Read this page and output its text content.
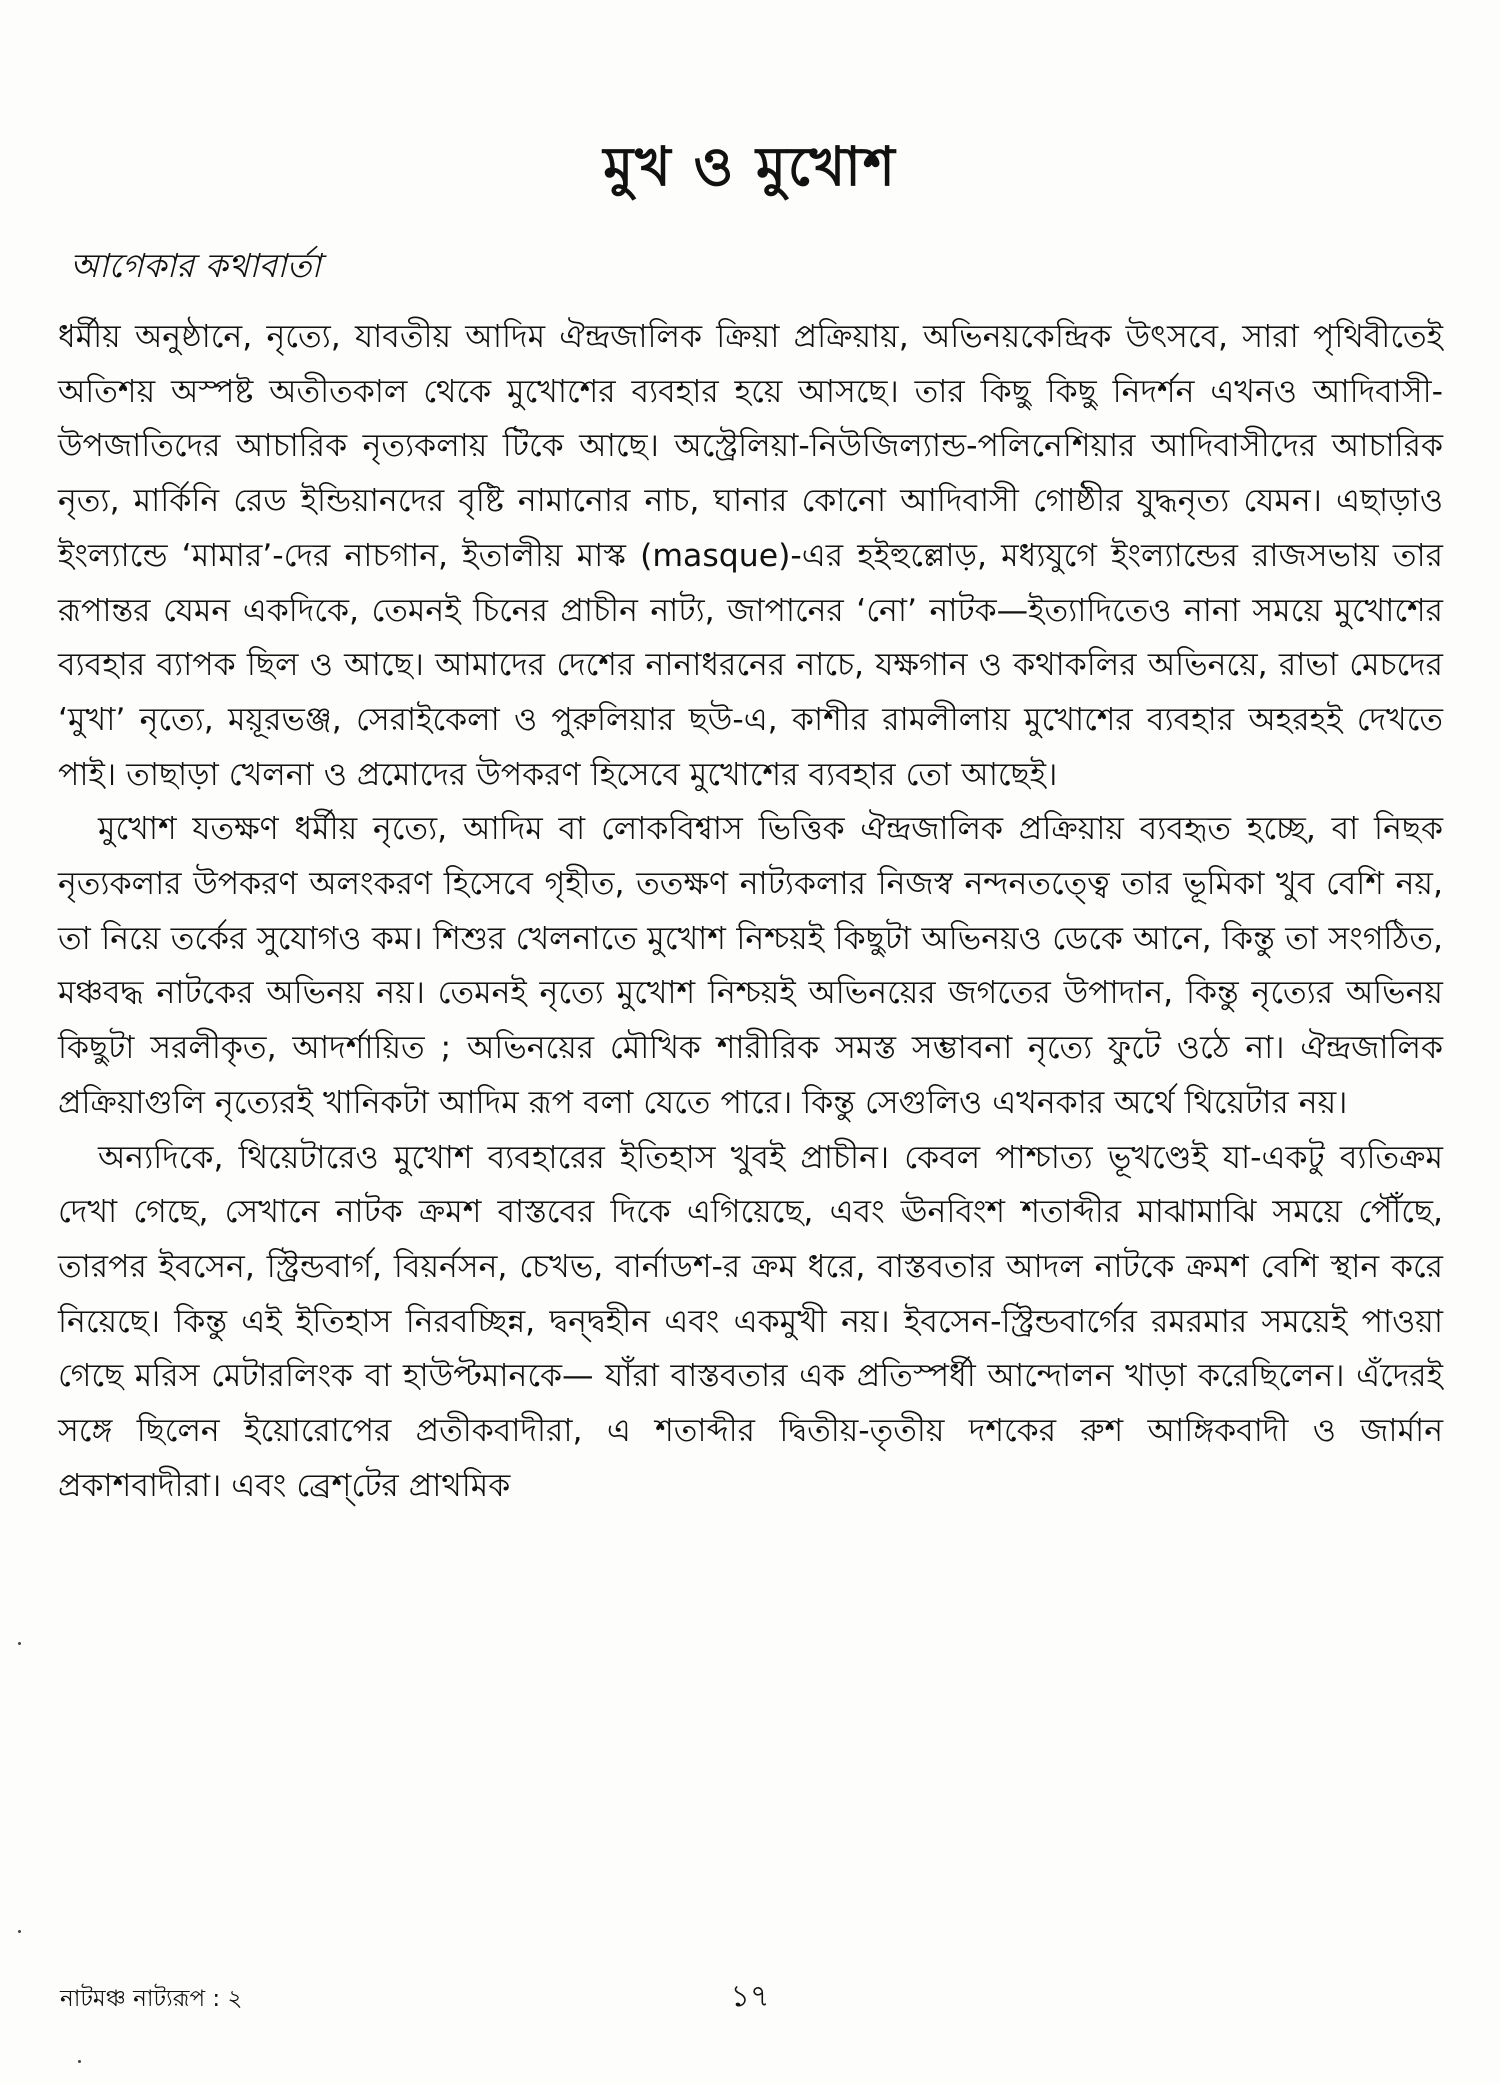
মুখ ও মুখোশ
আগেকার কথাবার্তা

ধর্মীয় অনুষ্ঠানে, নৃত্যে, যাবতীয় আদিম ঐন্দ্রজালিক ক্রিয়া প্রক্রিয়ায়, অভিনয়কেন্দ্রিক উৎসবে, সারা পৃথিবীতেই অতিশয় অস্পষ্ট অতীতকাল থেকে মুখোশের ব্যবহার হয়ে আসছে। তার কিছু কিছু নিদর্শন এখনও আদিবাসী-উপজাতিদের আচারিক নৃত্যকলায় টিকে আছে। অস্ট্রেলিয়া-নিউজিল্যান্ড-পলিনেশিয়ার আদিবাসীদের আচারিক নৃত্য, মার্কিনি রেড ইন্ডিয়ানদের বৃষ্টি নামানোর নাচ, ঘানার কোনো আদিবাসী গোষ্ঠীর যুদ্ধনৃত্য যেমন। এছাড়াও ইংল্যান্ডে ‘মামার’-দের নাচগান, ইতালীয় মাস্ক (masque)-এর হইহুল্লোড়, মধ্যযুগে ইংল্যান্ডের রাজসভায় তার রূপান্তর যেমন একদিকে, তেমনই চিনের প্রাচীন নাট্য, জাপানের ‘নো’ নাটক—ইত্যাদিতেও নানা সময়ে মুখোশের ব্যবহার ব্যাপক ছিল ও আছে। আমাদের দেশের নানাধরনের নাচে, যক্ষগান ও কথাকলির অভিনয়ে, রাভা মেচদের ‘মুখা’ নৃত্যে, ময়ূরভঞ্জ, সেরাইকেলা ও পুরুলিয়ার ছউ-এ, কাশীর রামলীলায় মুখোশের ব্যবহার অহরহই দেখতে পাই। তাছাড়া খেলনা ও প্রমোদের উপকরণ হিসেবে মুখোশের ব্যবহার তো আছেই।

মুখোশ যতক্ষণ ধর্মীয় নৃত্যে, আদিম বা লোকবিশ্বাস ভিত্তিক ঐন্দ্রজালিক প্রক্রিয়ায় ব্যবহৃত হচ্ছে, বা নিছক নৃত্যকলার উপকরণ অলংকরণ হিসেবে গৃহীত, ততক্ষণ নাট্যকলার নিজস্ব নন্দনতত্ত্বে তার ভূমিকা খুব বেশি নয়, তা নিয়ে তর্কের সুযোগও কম। শিশুর খেলনাতে মুখোশ নিশ্চয়ই কিছুটা অভিনয়ও ডেকে আনে, কিন্তু তা সংগঠিত, মঞ্চবদ্ধ নাটকের অভিনয় নয়। তেমনই নৃত্যে মুখোশ নিশ্চয়ই অভিনয়ের জগতের উপাদান, কিন্তু নৃত্যের অভিনয় কিছুটা সরলীকৃত, আদর্শায়িত ; অভিনয়ের মৌখিক শারীরিক সমস্ত সম্ভাবনা নৃত্যে ফুটে ওঠে না। ঐন্দ্রজালিক প্রক্রিয়াগুলি নৃত্যেরই খানিকটা আদিম রূপ বলা যেতে পারে। কিন্তু সেগুলিও এখনকার অর্থে থিয়েটার নয়।

অন্যদিকে, থিয়েটারেও মুখোশ ব্যবহারের ইতিহাস খুবই প্রাচীন। কেবল পাশ্চাত্য ভূখণ্ডেই যা-একটু ব্যতিক্রম দেখা গেছে, সেখানে নাটক ক্রমশ বাস্তবের দিকে এগিয়েছে, এবং ঊনবিংশ শতাব্দীর মাঝামাঝি সময়ে পৌঁছে, তারপর ইবসেন, স্ট্রিন্ডবার্গ, বিয়র্নসন, চেখভ, বার্নাডশ-র ক্রম ধরে, বাস্তবতার আদল নাটকে ক্রমশ বেশি স্থান করে নিয়েছে। কিন্তু এই ইতিহাস নিরবচ্ছিন্ন, দ্বন্দ্বহীন এবং একমুখী নয়। ইবসেন-স্ট্রিন্ডবার্গের রমরমার সময়েই পাওয়া গেছে মরিস মেটারলিংক বা হাউপ্টমানকে— যাঁরা বাস্তবতার এক প্রতিস্পর্ধী আন্দোলন খাড়া করেছিলেন। এঁদেরই সঙ্গে ছিলেন ইয়োরোপের প্রতীকবাদীরা, এ শতাব্দীর দ্বিতীয়-তৃতীয় দশকের রুশ আঙ্গিকবাদী ও জার্মান প্রকাশবাদীরা। এবং ব্রেশ্‌টের প্রাথমিক

নাটমঞ্চ নাট্যরূপ : ২	১৭
